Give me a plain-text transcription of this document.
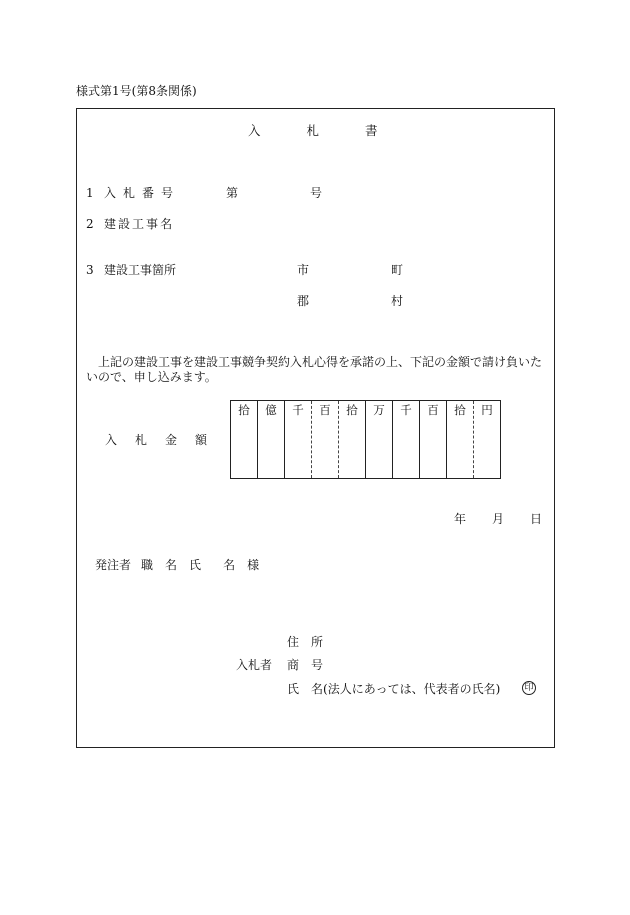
様式第1号(第8条関係)
入	札	書
1 入 札 番 号	第	号
2 建 設 工 事 名
3 建設工事箇所	市	町
郡	村
上記の建設工事を建設工事競争契約入札心得を承諾の上、下記の金額で請け負いたいので、申し込みます。
入 札 金 額
拾	億	千	百	拾	万	千	百	拾	円
年 月 日
発注者 職 名 氏 名 様
入札者
住 所
商 号
氏 名(法人にあっては、代表者の氏名)	印
